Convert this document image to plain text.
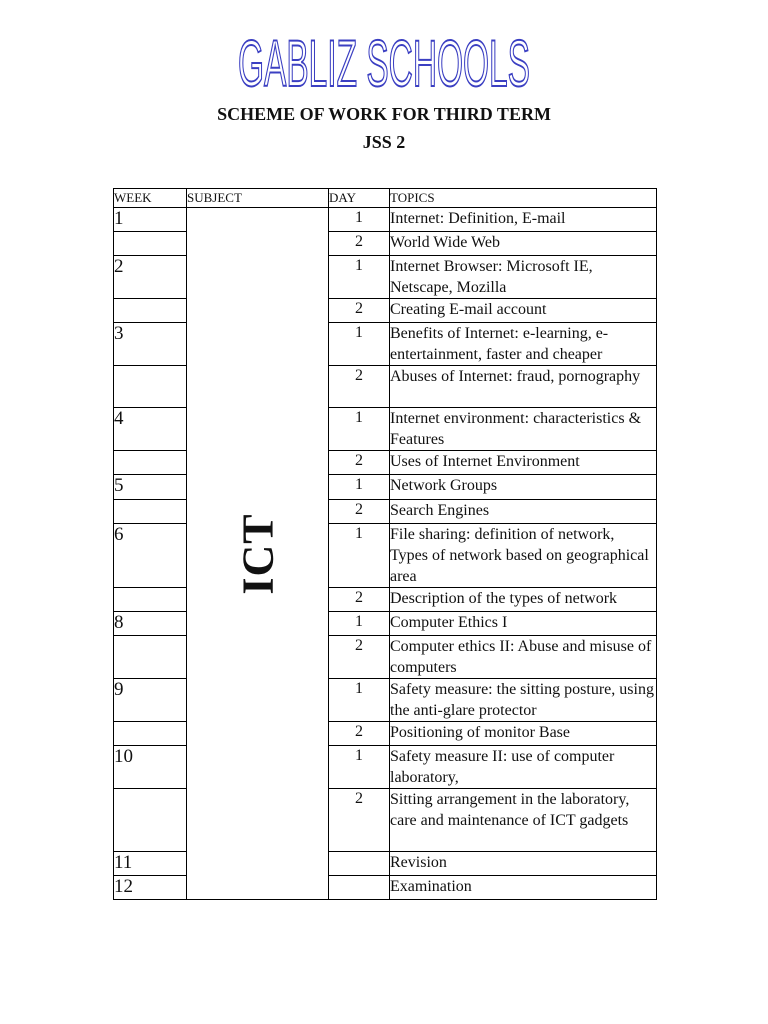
GABLIZ SCHOOLS
SCHEME OF WORK FOR THIRD TERM
JSS 2
WEEK	SUBJECT	DAY	TOPICS
1	ICT	1	Internet: Definition, E-mail
		2	World Wide Web
2		1	Internet Browser: Microsoft IE, Netscape, Mozilla
		2	Creating E-mail account
3		1	Benefits of Internet: e-learning, e-entertainment, faster and cheaper
		2	Abuses of Internet: fraud, pornography
4		1	Internet environment: characteristics & Features
		2	Uses of Internet Environment
5		1	Network Groups
		2	Search Engines
6		1	File sharing: definition of network, Types of network based on geographical area
		2	Description of the types of network
8		1	Computer Ethics I
		2	Computer ethics II: Abuse and misuse of computers
9		1	Safety measure: the sitting posture, using the anti-glare protector
		2	Positioning of monitor Base
10		1	Safety measure II: use of computer laboratory,
		2	Sitting arrangement in the laboratory, care and maintenance of ICT gadgets
11			Revision
12			Examination
